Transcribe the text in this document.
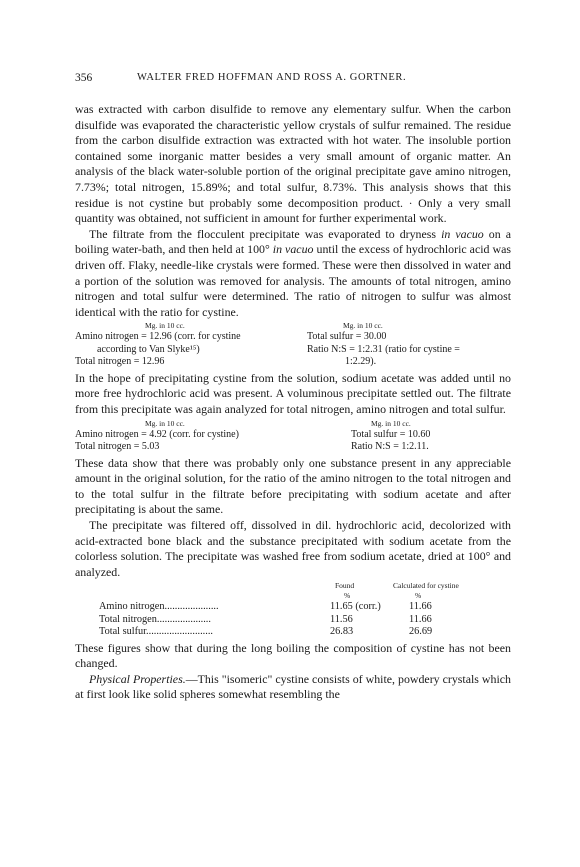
356	WALTER FRED HOFFMAN AND ROSS A. GORTNER.

was extracted with carbon disulfide to remove any elementary sulfur. When the carbon disulfide was evaporated the characteristic yellow crystals of sulfur remained. The residue from the carbon disulfide extraction was extracted with hot water. The insoluble portion contained some inorganic matter besides a very small amount of organic matter. An analysis of the black water-soluble portion of the original precipitate gave amino nitrogen, 7.73%; total nitrogen, 15.89%; and total sulfur, 8.73%. This analysis shows that this residue is not cystine but probably some decomposition product. · Only a very small quantity was obtained, not sufficient in amount for further experimental work.

The filtrate from the flocculent precipitate was evaporated to dryness in vacuo on a boiling water-bath, and then held at 100° in vacuo until the excess of hydrochloric acid was driven off. Flaky, needle-like crystals were formed. These were then dissolved in water and a portion of the solution was removed for analysis. The amounts of total nitrogen, amino nitrogen and total sulfur were determined. The ratio of nitrogen to sulfur was almost identical with the ratio for cystine.

Mg. in 10 cc.	Mg. in 10 cc.
Amino nitrogen = 12.96 (corr. for cystine	Total sulfur = 30.00
according to Van Slyke¹⁵)	Ratio N:S = 1:2.31 (ratio for cystine =
Total nitrogen = 12.96	1:2.29).

In the hope of precipitating cystine from the solution, sodium acetate was added until no more free hydrochloric acid was present. A voluminous precipitate settled out. The filtrate from this precipitate was again analyzed for total nitrogen, amino nitrogen and total sulfur.

Mg. in 10 cc.	Mg. in 10 cc.
Amino nitrogen = 4.92 (corr. for cystine)	Total sulfur = 10.60
Total nitrogen = 5.03	Ratio N:S = 1:2.11.

These data show that there was probably only one substance present in any appreciable amount in the original solution, for the ratio of the amino nitrogen to the total nitrogen and to the total sulfur in the filtrate before precipitating with sodium acetate and after precipitating is about the same.

The precipitate was filtered off, dissolved in dil. hydrochloric acid, decolorized with acid-extracted bone black and the substance precipitated with sodium acetate from the colorless solution. The precipitate was washed free from sodium acetate, dried at 100° and analyzed.

Found	Calculated for cystine
%	%
Amino nitrogen.....................	11.65 (corr.)	11.66
Total nitrogen.....................	11.56	11.66
Total sulfur..........................	26.83	26.69

These figures show that during the long boiling the composition of cystine has not been changed.

Physical Properties.—This "isomeric" cystine consists of white, powdery crystals which at first look like solid spheres somewhat resembling the
